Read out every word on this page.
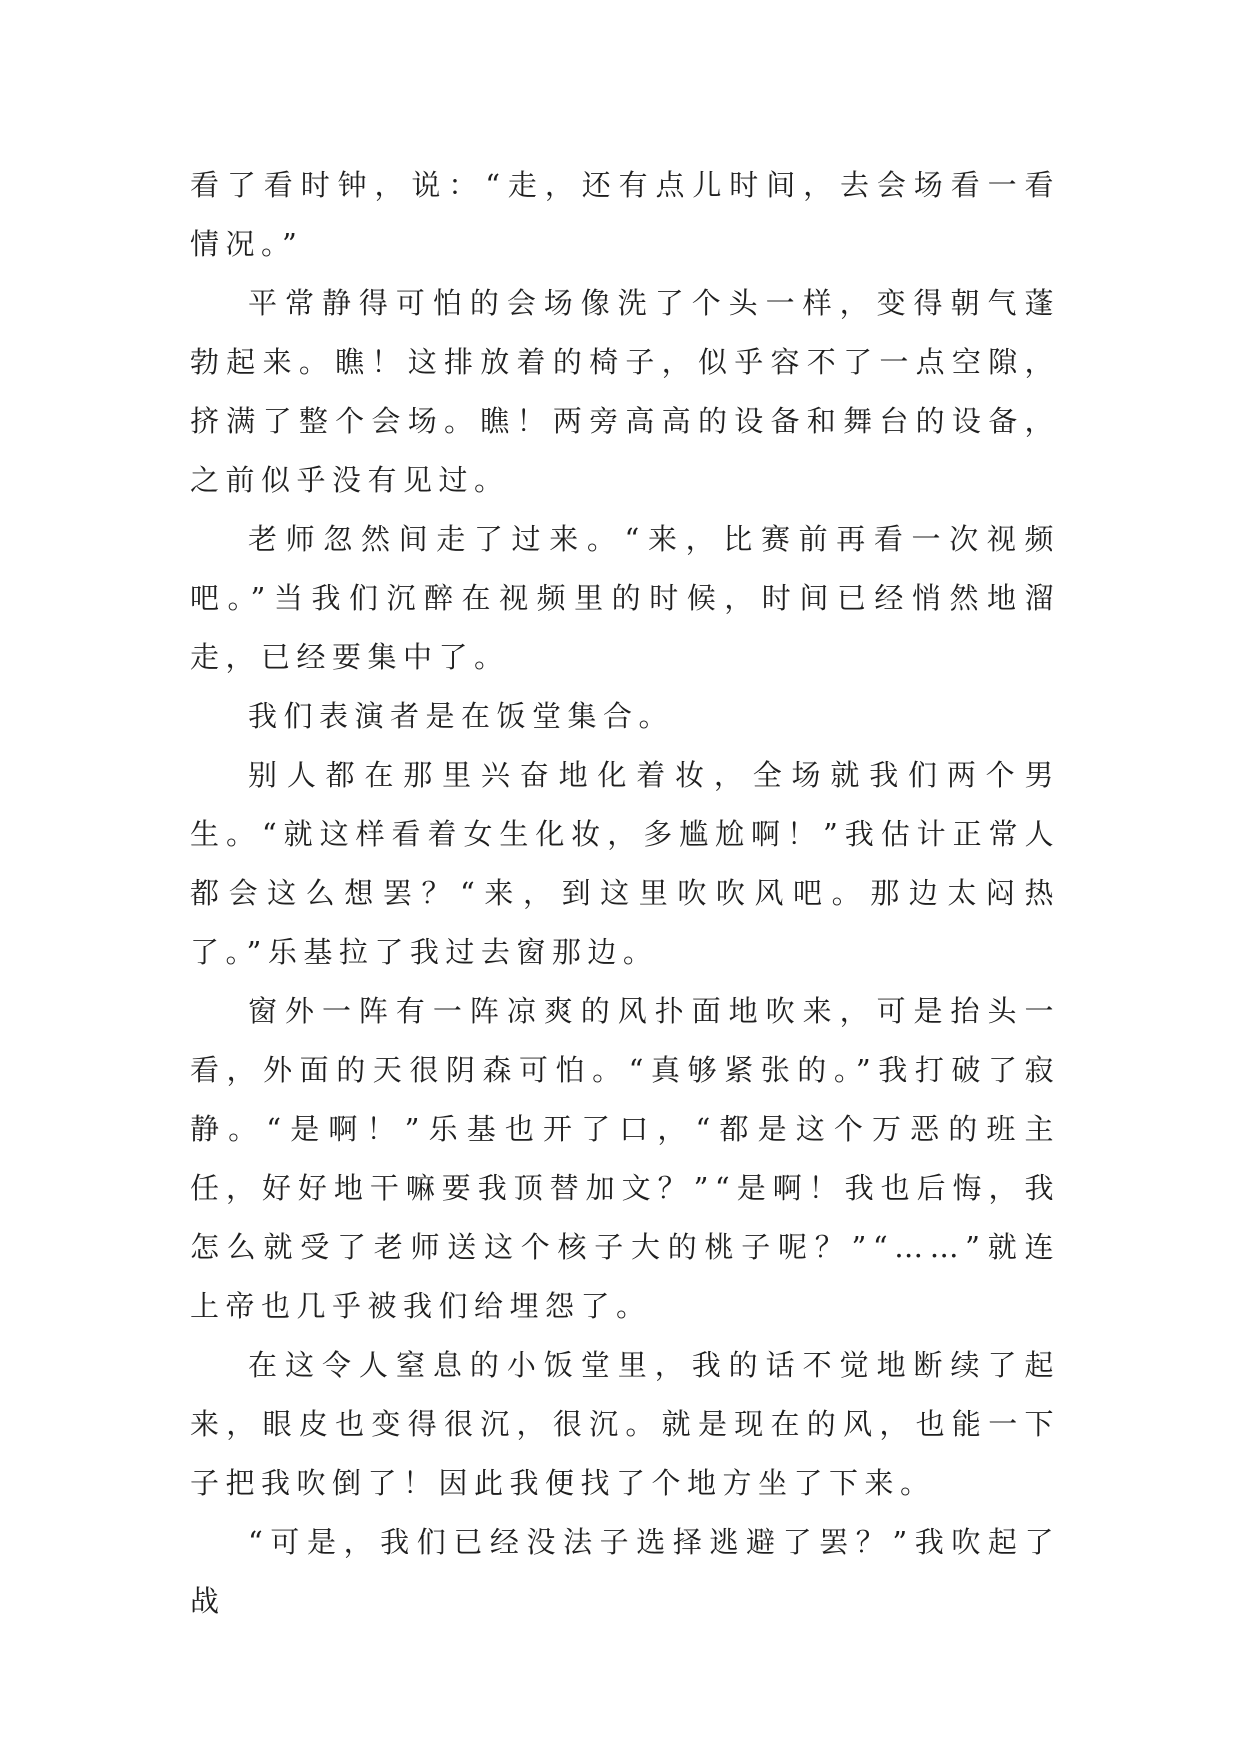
看了看时钟，说：“走，还有点儿时间，去会场看一看情况。”

平常静得可怕的会场像洗了个头一样，变得朝气蓬勃起来。瞧！这排放着的椅子，似乎容不了一点空隙，挤满了整个会场。瞧！两旁高高的设备和舞台的设备，之前似乎没有见过。

老师忽然间走了过来。“来，比赛前再看一次视频吧。”当我们沉醉在视频里的时候，时间已经悄然地溜走，已经要集中了。

我们表演者是在饭堂集合。

别人都在那里兴奋地化着妆，全场就我们两个男生。“就这样看着女生化妆，多尴尬啊！”我估计正常人都会这么想罢？“来，到这里吹吹风吧。那边太闷热了。”乐基拉了我过去窗那边。

窗外一阵有一阵凉爽的风扑面地吹来，可是抬头一看，外面的天很阴森可怕。“真够紧张的。”我打破了寂静。“是啊！”乐基也开了口，“都是这个万恶的班主任，好好地干嘛要我顶替加文？”“是啊！我也后悔，我怎么就受了老师送这个核子大的桃子呢？”“……”就连上帝也几乎被我们给埋怨了。

在这令人窒息的小饭堂里，我的话不觉地断续了起来，眼皮也变得很沉，很沉。就是现在的风，也能一下子把我吹倒了！因此我便找了个地方坐了下来。

“可是，我们已经没法子选择逃避了罢？”我吹起了战
